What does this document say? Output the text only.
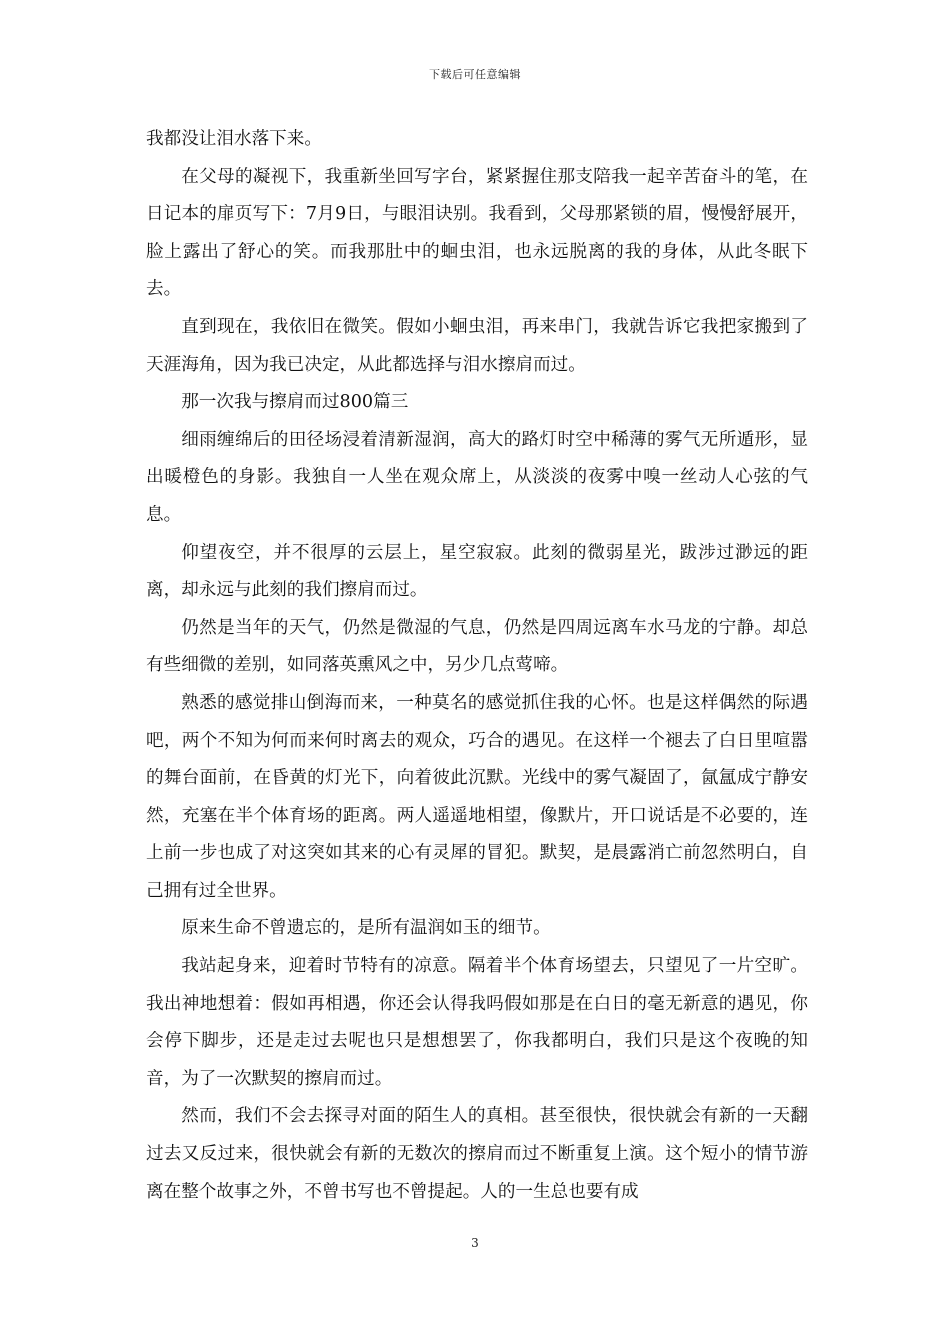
下载后可任意编辑

我都没让泪水落下来。

在父母的凝视下，我重新坐回写字台，紧紧握住那支陪我一起辛苦奋斗的笔，在日记本的扉页写下：7月9日，与眼泪诀别。我看到，父母那紧锁的眉，慢慢舒展开，脸上露出了舒心的笑。而我那肚中的蛔虫泪，也永远脱离的我的身体，从此冬眠下去。

直到现在，我依旧在微笑。假如小蛔虫泪，再来串门，我就告诉它我把家搬到了天涯海角，因为我已决定，从此都选择与泪水擦肩而过。

那一次我与擦肩而过800篇三

细雨缠绵后的田径场浸着清新湿润，高大的路灯时空中稀薄的雾气无所遁形，显出暖橙色的身影。我独自一人坐在观众席上，从淡淡的夜雾中嗅一丝动人心弦的气息。

仰望夜空，并不很厚的云层上，星空寂寂。此刻的微弱星光，跋涉过渺远的距离，却永远与此刻的我们擦肩而过。

仍然是当年的天气，仍然是微湿的气息，仍然是四周远离车水马龙的宁静。却总有些细微的差别，如同落英熏风之中，另少几点莺啼。

熟悉的感觉排山倒海而来，一种莫名的感觉抓住我的心怀。也是这样偶然的际遇吧，两个不知为何而来何时离去的观众，巧合的遇见。在这样一个褪去了白日里喧嚣的舞台面前，在昏黄的灯光下，向着彼此沉默。光线中的雾气凝固了，氤氲成宁静安然，充塞在半个体育场的距离。两人遥遥地相望，像默片，开口说话是不必要的，连上前一步也成了对这突如其来的心有灵犀的冒犯。默契，是晨露消亡前忽然明白，自己拥有过全世界。

原来生命不曾遗忘的，是所有温润如玉的细节。

我站起身来，迎着时节特有的凉意。隔着半个体育场望去，只望见了一片空旷。我出神地想着：假如再相遇，你还会认得我吗假如那是在白日的毫无新意的遇见，你会停下脚步，还是走过去呢也只是想想罢了，你我都明白，我们只是这个夜晚的知音，为了一次默契的擦肩而过。

然而，我们不会去探寻对面的陌生人的真相。甚至很快，很快就会有新的一天翻过去又反过来，很快就会有新的无数次的擦肩而过不断重复上演。这个短小的情节游离在整个故事之外，不曾书写也不曾提起。人的一生总也要有成

3
